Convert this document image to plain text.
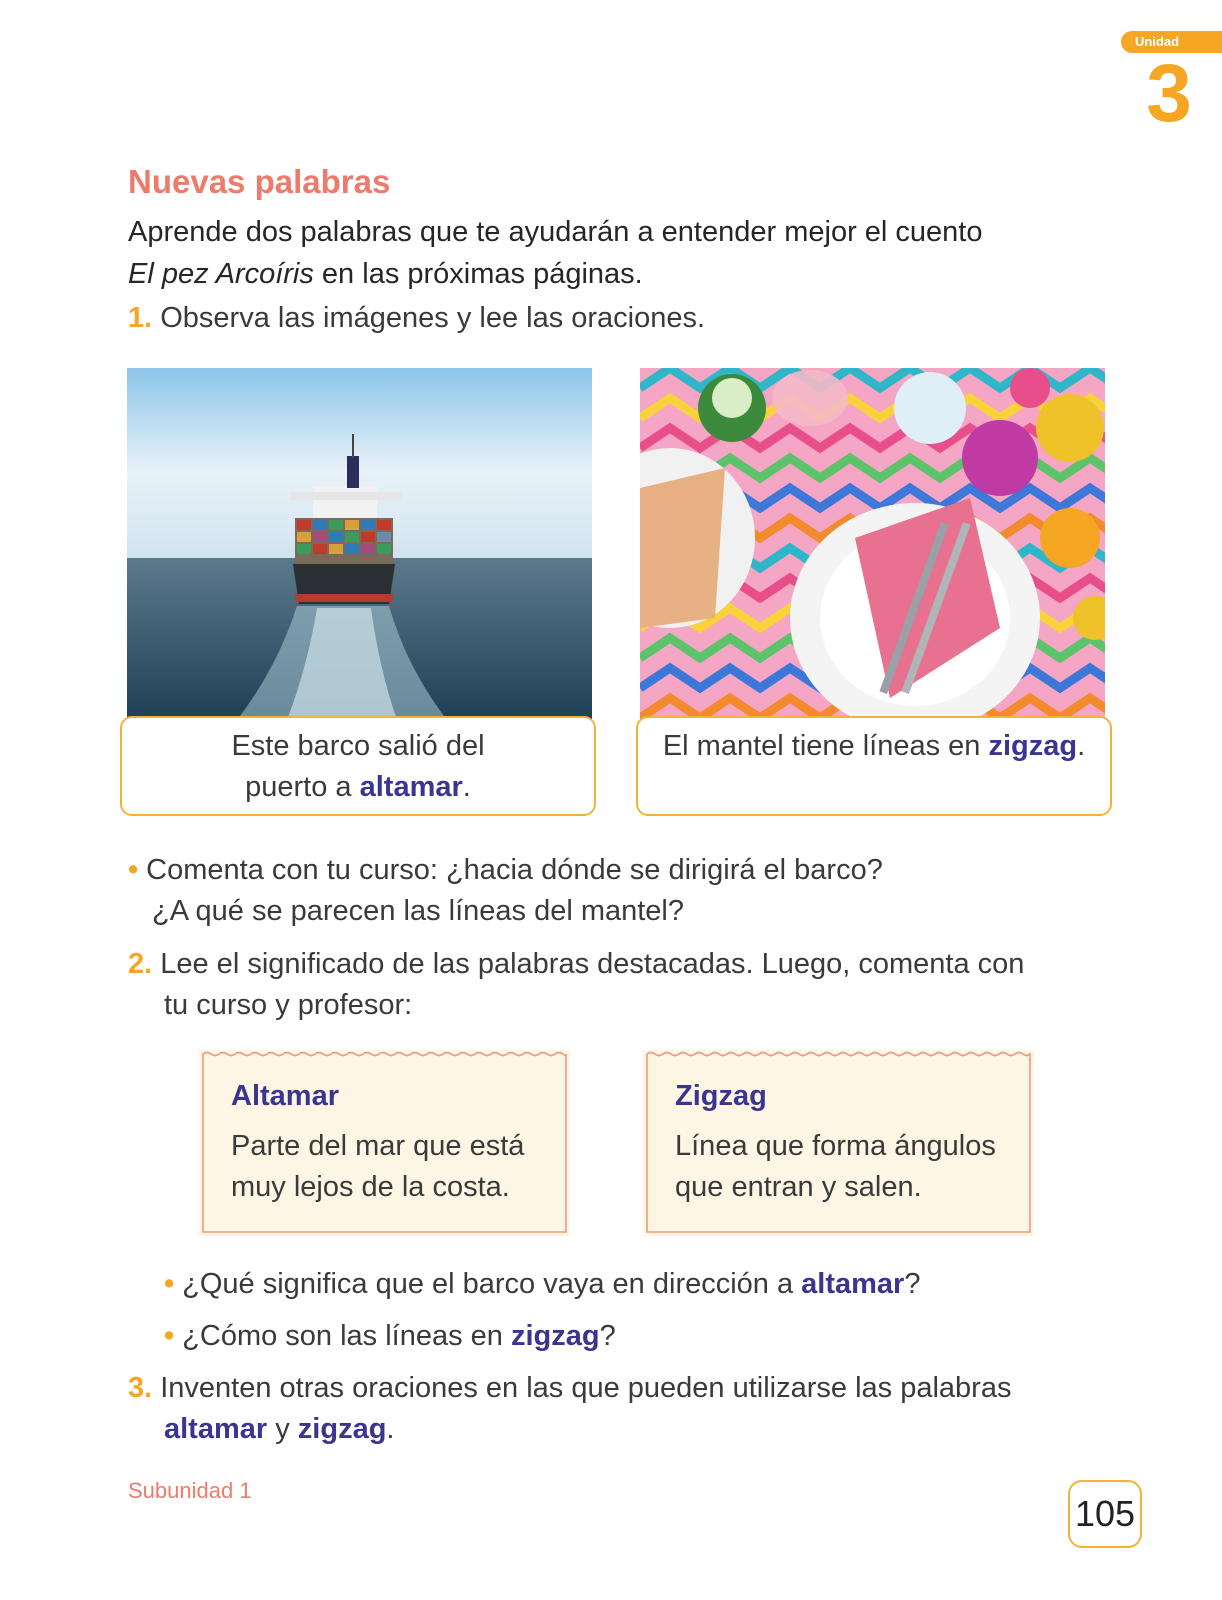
Unidad
3
Nuevas palabras
Aprende dos palabras que te ayudarán a entender mejor el cuento
El pez Arcoíris en las próximas páginas.
1. Observa las imágenes y lee las oraciones.
Este barco salió del
puerto a altamar.
El mantel tiene líneas en zigzag.
• Comenta con tu curso: ¿hacia dónde se dirigirá el barco?
¿A qué se parecen las líneas del mantel?
2. Lee el significado de las palabras destacadas. Luego, comenta con
tu curso y profesor:
Altamar
Parte del mar que está
muy lejos de la costa.
Zigzag
Línea que forma ángulos
que entran y salen.
• ¿Qué significa que el barco vaya en dirección a altamar?
• ¿Cómo son las líneas en zigzag?
3. Inventen otras oraciones en las que pueden utilizarse las palabras
altamar y zigzag.
Subunidad 1
105
